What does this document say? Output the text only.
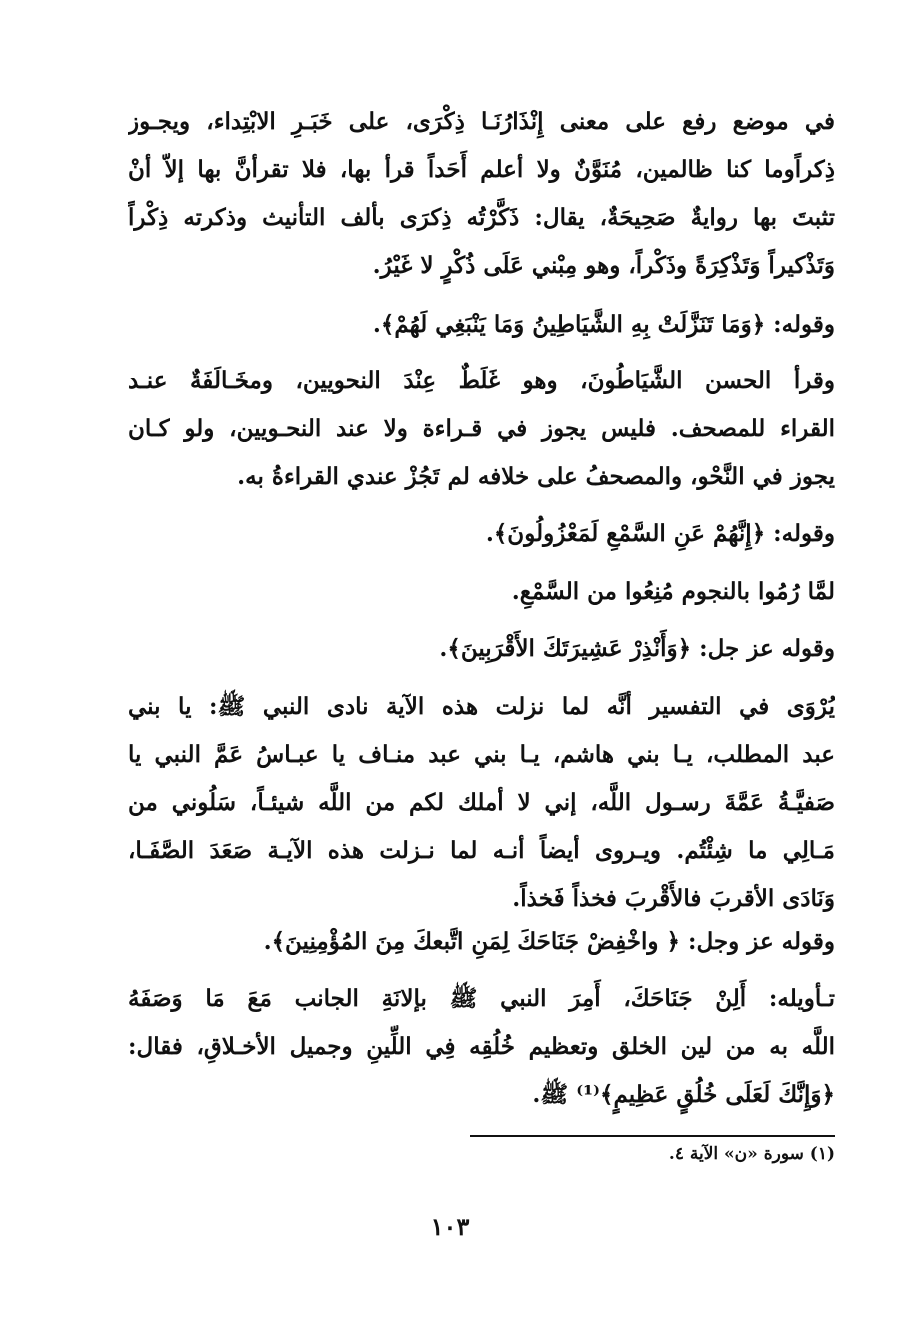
في موضع رفع على معنى إِنْذَارُنَـا ذِكْرَى، على خَبَـرِ الابْتِداء، ويجـوز
ذِكراًوما كنا ظالمين، مُنَوَّنٌ ولا أعلم أَحَداً قرأ بها، فلا تقرأنَّ بها إلاّ أنْ
تثبتَ بها روايةٌ صَحِيحَةٌ، يقال: ذَكَّرْتُه ذِكرَى بألف التأنيث وذكرته ذِكْراً
وَتَذْكيراً وَتَذْكِرَةً وذَكْراً، وهو مِبْني عَلَى ذُكْرٍ لا غَيْرُ.
وقوله: ﴿وَمَا تَنَزَّلَتْ بِهِ الشَّيَاطِينُ وَمَا يَنْبَغِي لَهُمْ﴾.
وقرأ الحسن الشَّيَاطُونَ، وهو غَلَطٌ عِنْدَ النحويين، ومخَـالَفَةٌ عنـد
القراء للمصحف. فليس يجوز في قـراءة ولا عند النحـويين، ولو كـان
يجوز في النَّحْو، والمصحفُ على خلافه لم تَجُزْ عندي القراءةُ به.
وقوله: ﴿إِنَّهُمْ عَنِ السَّمْعِ لَمَعْزُولُونَ﴾.
لمَّا رُمُوا بالنجوم مُنِعُوا من السَّمْعِ.
وقوله عز جل: ﴿وَأَنْذِرْ عَشِيرَتَكَ الأَقْرَبِينَ﴾.
يُرْوَى في التفسير أنَّه لما نزلت هذه الآية نادى النبي ﷺ: يا بني
عبد المطلب، يـا بني هاشم، يـا بني عبد منـاف يا عبـاسُ عَمَّ النبي يا
صَفيَّـةُ عَمَّةَ رسـول اللَّه، إني لا أملك لكم من اللَّه شيئـاً، سَلُوني من
مَـالِي ما شِئْتُم. ويـروى أيضاً أنـه لما نـزلت هذه الآيـة صَعَدَ الصَّفَـا،
وَنَادَى الأقربَ فالأَقْربَ فخذاً فَخذاً.
وقوله عز وجل: ﴿ واخْفِضْ جَنَاحَكَ لِمَنِ اتَّبعكَ مِنَ المُؤْمِنِينَ﴾.
تـأويله: أَلِنْ جَنَاحَكَ، أَمِرَ النبي ﷺ بإلانَةِ الجانب مَعَ مَا وَصَفَهُ
اللَّه به من لين الخلق وتعظيم خُلُقِه فِي اللِّينِ وجميل الأخـلاقِ، فقال:
﴿وَإِنَّكَ لَعَلَى خُلُقٍ عَظِيمٍ﴾⁽¹⁾ ﷺ.

(١) سورة «ن» الآية ٤.

١٠٣
